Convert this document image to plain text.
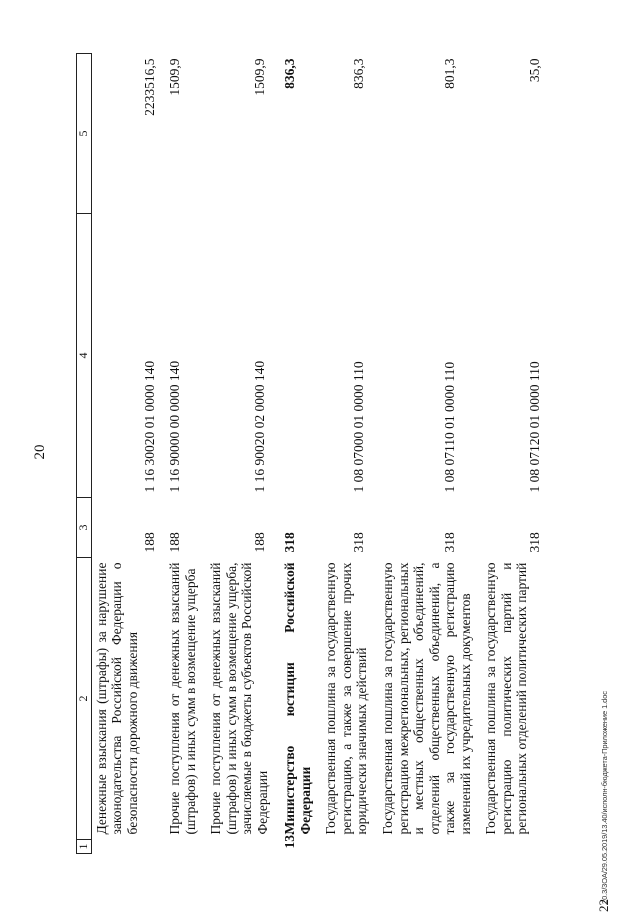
20
1	2	3	4	5
	Денежные взыскания (штрафы) за нарушение законодательства Российской Федерации о безопасности дорожного движения	188	1 16 30020 01 0000 140	2233516,5

	Прочие поступления от денежных взысканий (штрафов) и иных сумм в возмещение ущерба	188	1 16 90000 00 0000 140	1509,9

	Прочие поступления от денежных взысканий (штрафов) и иных сумм в возмещение ущерба, зачисляемые в бюджеты субъектов Российской Федерации	188	1 16 90020 02 0000 140	1509,9
13.	Министерство юстиции Российской Федерации	318		836,3

	Государственная пошлина за государственную регистрацию, а также за совершение прочих юридически значимых действий	318	1 08 07000 01 0000 110	836,3

	Государственная пошлина за государственную регистрацию межрегиональных, региональных и местных общественных объединений, отделений общественных объединений, а также за государственную регистрацию изменений их учредительных документов	318	1 08 07110 01 0000 110	801,3

	Государственная пошлина за государственную регистрацию политических партий и региональных отделений политических партий	318	1 08 07120 01 0000 110	35,0
20.3/3ОА/29.05.2019/13.40/исполн-бюджета-Приложение 1.doc
22
